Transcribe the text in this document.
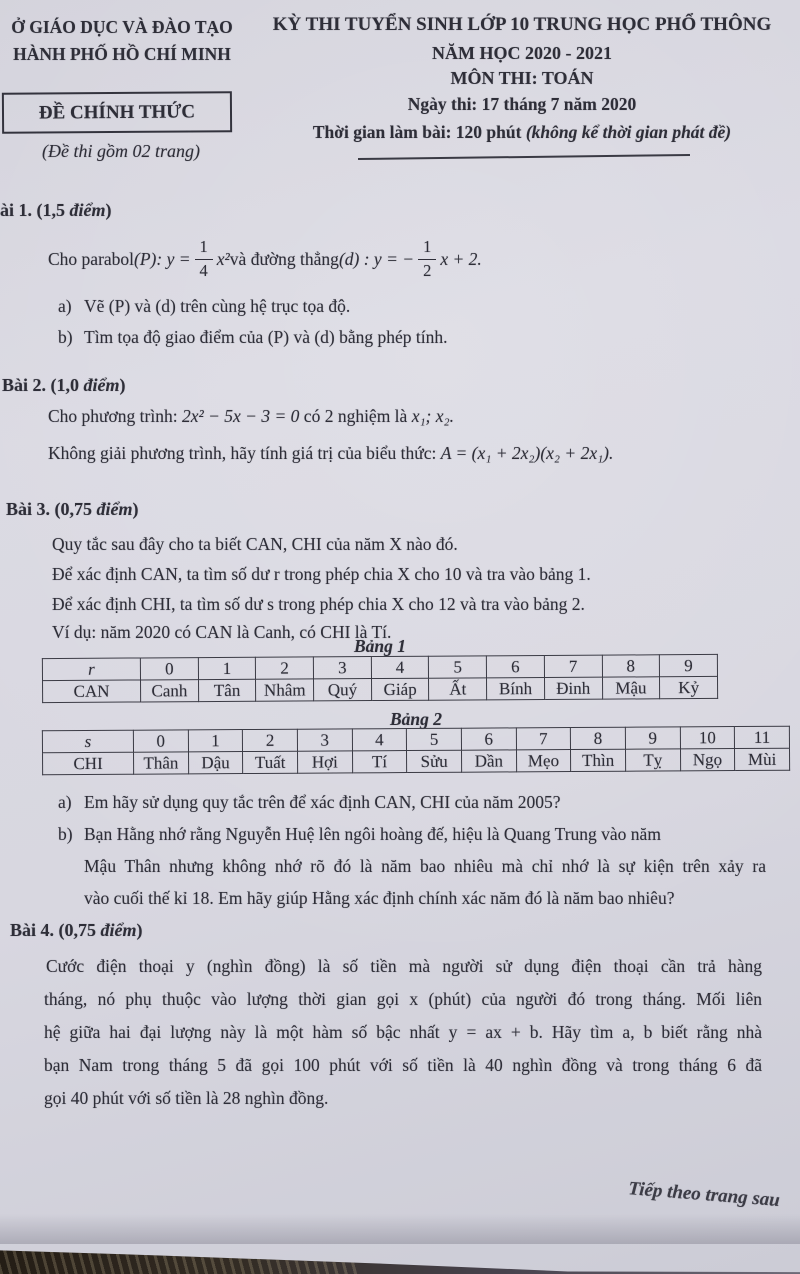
Ở GIÁO DỤC VÀ ĐÀO TẠO
HÀNH PHỐ HỒ CHÍ MINH
ĐỀ CHÍNH THỨC
(Đề thi gồm 02 trang)
KỲ THI TUYỂN SINH LỚP 10 TRUNG HỌC PHỔ THÔNG
NĂM HỌC 2020 - 2021
MÔN THI: TOÁN
Ngày thi: 17 tháng 7 năm 2020
Thời gian làm bài: 120 phút (không kể thời gian phát đề)
ài 1. (1,5 điểm)
Cho parabol (P): $y = \frac{1}{4} x^2$ và đường thẳng (d) : y = − $\frac{1}{2}$ x + 2.
a) Vẽ (P) và (d) trên cùng hệ trục tọa độ.
b) Tìm tọa độ giao điểm của (P) và (d) bằng phép tính.
Bài 2. (1,0 điểm)
Cho phương trình: 2x² − 5x − 3 = 0 có 2 nghiệm là x₁; x₂.
Không giải phương trình, hãy tính giá trị của biểu thức: A = (x₁ + 2x₂)(x₂ + 2x₁).
Bài 3. (0,75 điểm)
Quy tắc sau đây cho ta biết CAN, CHI của năm X nào đó.
Để xác định CAN, ta tìm số dư r trong phép chia X cho 10 và tra vào bảng 1.
Để xác định CHI, ta tìm số dư s trong phép chia X cho 12 và tra vào bảng 2.
Ví dụ: năm 2020 có CAN là Canh, có CHI là Tí.
Bảng 1
r	0	1	2	3	4	5	6	7	8	9
CAN	Canh	Tân	Nhâm	Quý	Giáp	Ất	Bính	Đinh	Mậu	Kỷ
Bảng 2
s	0	1	2	3	4	5	6	7	8	9	10	11
CHI	Thân	Dậu	Tuất	Hợi	Tí	Sửu	Dần	Mẹo	Thìn	Tỵ	Ngọ	Mùi
a) Em hãy sử dụng quy tắc trên để xác định CAN, CHI của năm 2005?
b) Bạn Hằng nhớ rằng Nguyễn Huệ lên ngôi hoàng đế, hiệu là Quang Trung vào năm
Mậu Thân nhưng không nhớ rõ đó là năm bao nhiêu mà chỉ nhớ là sự kiện trên xảy ra
vào cuối thế kỉ 18. Em hãy giúp Hằng xác định chính xác năm đó là năm bao nhiêu?
Bài 4. (0,75 điểm)
Cước điện thoại y (nghìn đồng) là số tiền mà người sử dụng điện thoại cần trả hàng
tháng, nó phụ thuộc vào lượng thời gian gọi x (phút) của người đó trong tháng. Mối liên
hệ giữa hai đại lượng này là một hàm số bậc nhất y = ax + b. Hãy tìm a, b biết rằng nhà
bạn Nam trong tháng 5 đã gọi 100 phút với số tiền là 40 nghìn đồng và trong tháng 6 đã
gọi 40 phút với số tiền là 28 nghìn đồng.
Tiếp theo trang sau
